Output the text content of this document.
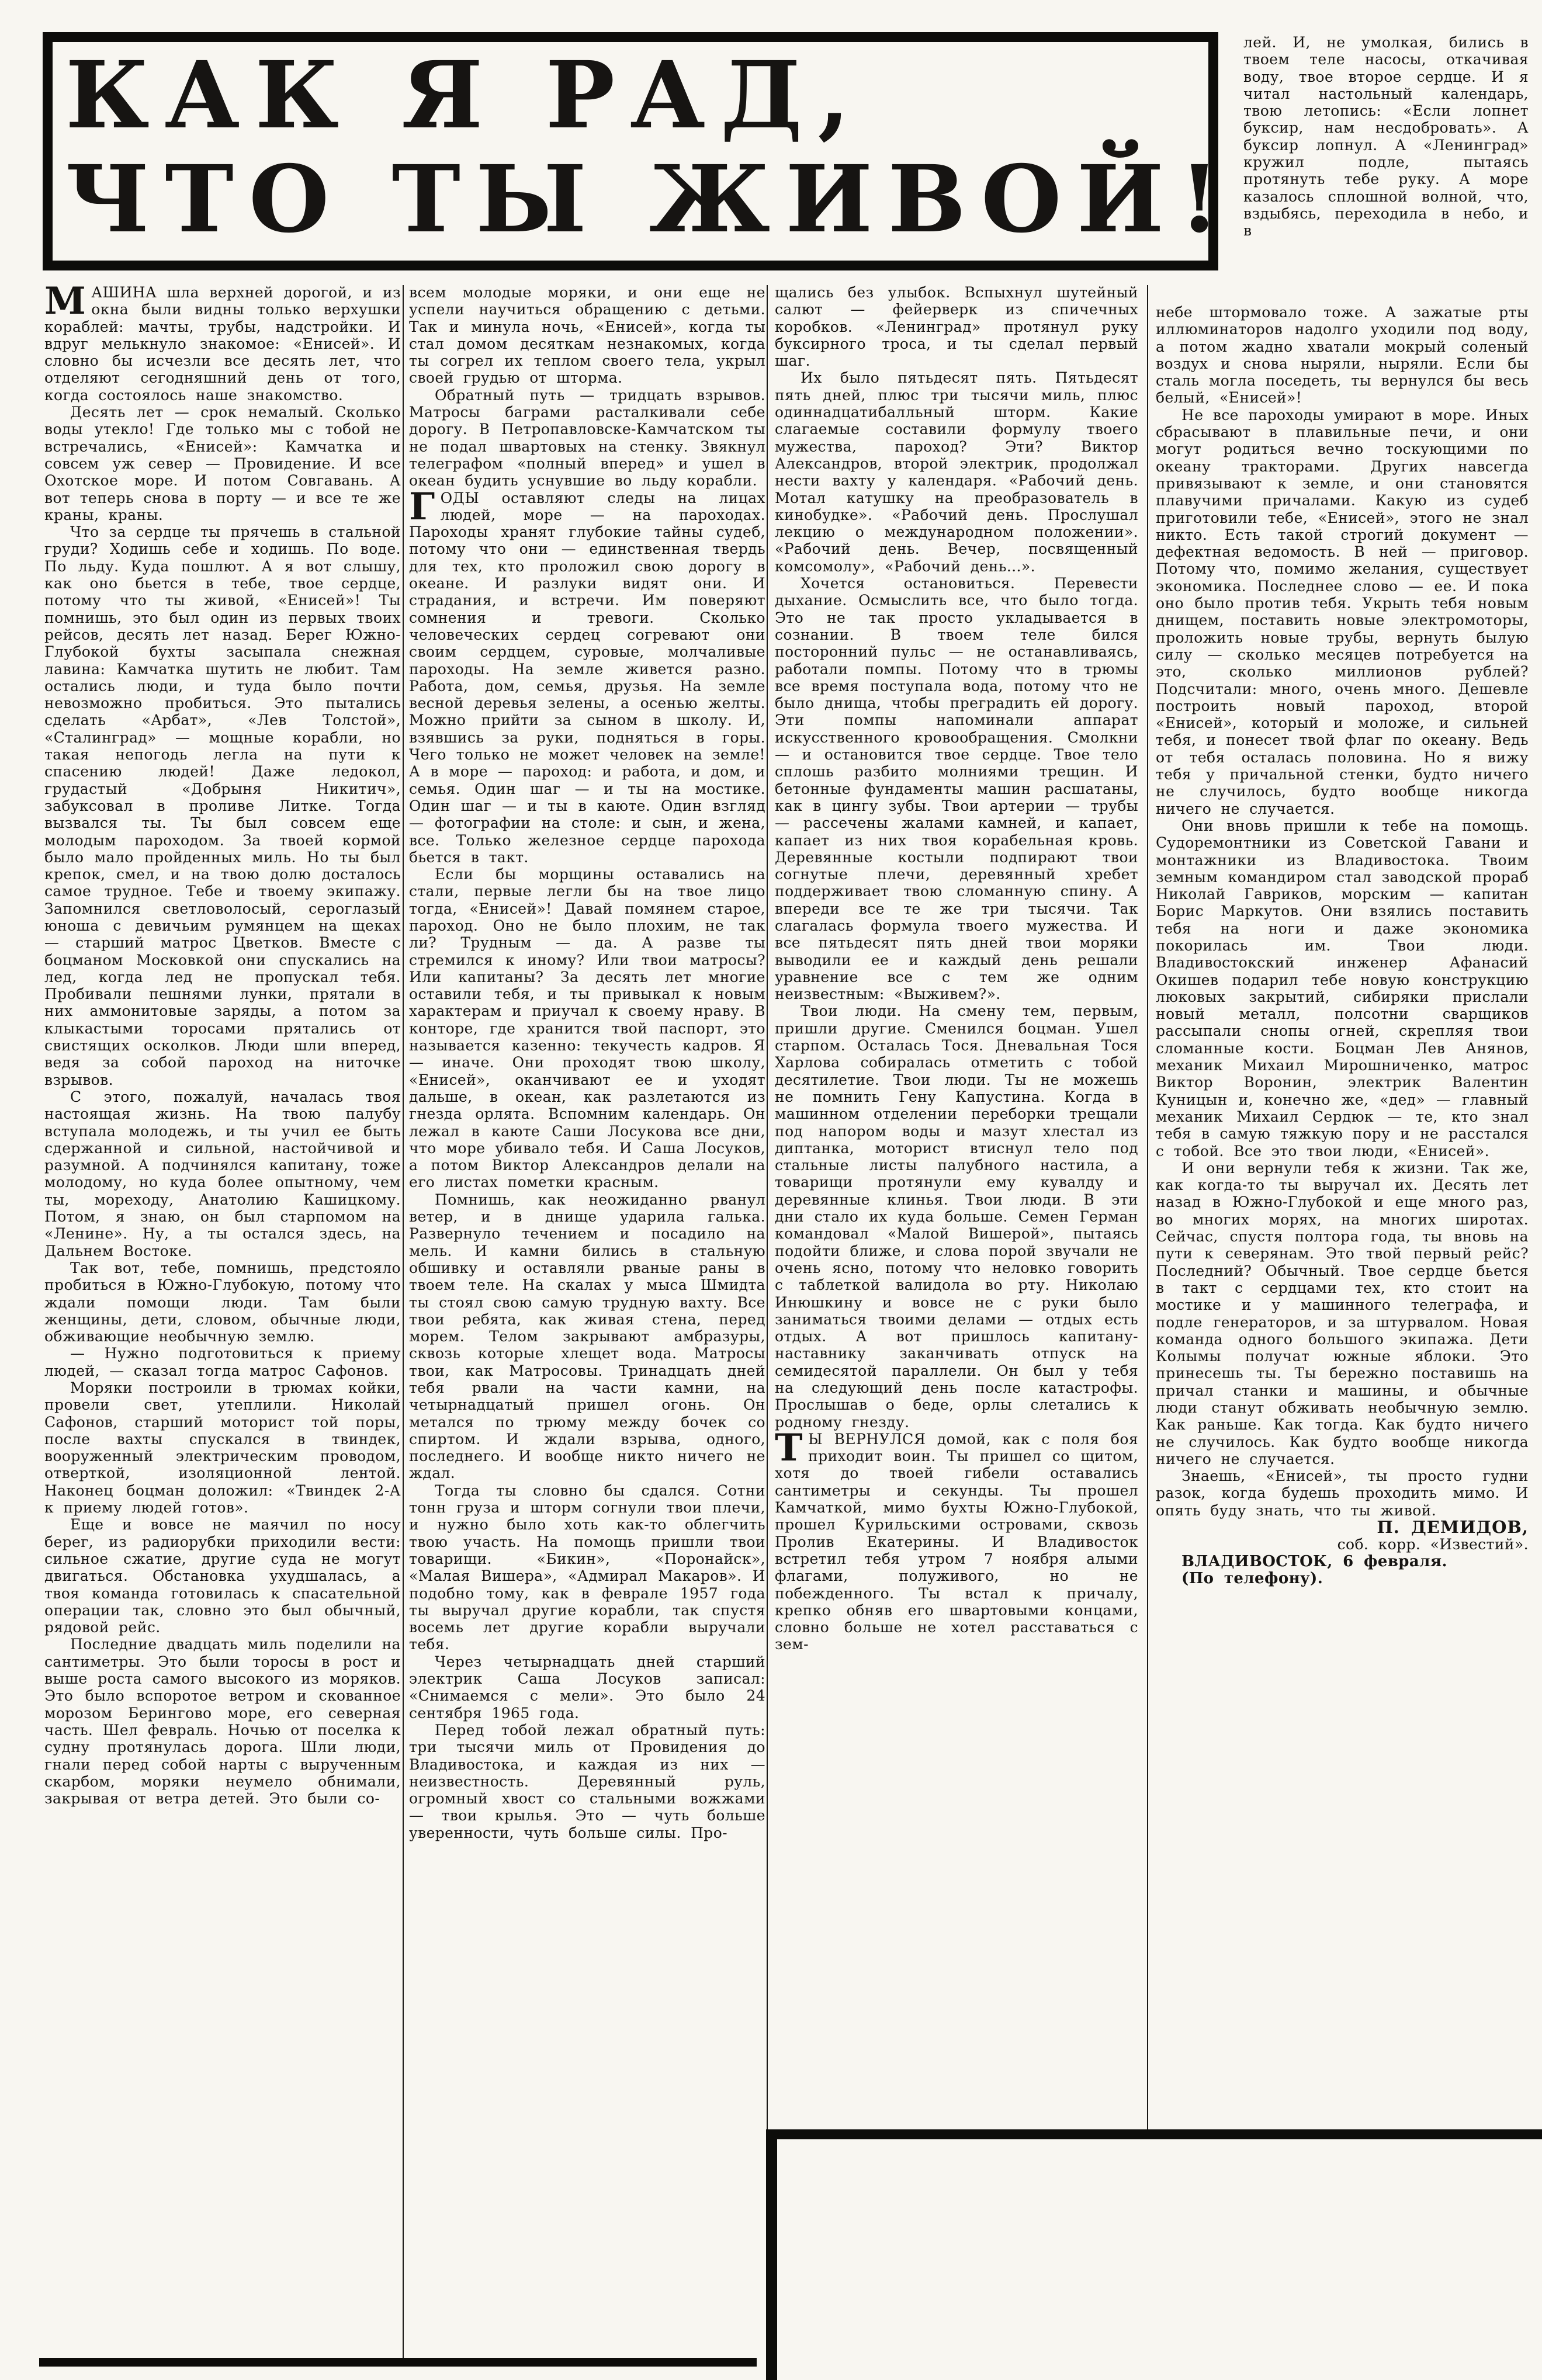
КАК Я РАД,
ЧТО ТЫ ЖИВОЙ!

лей. И, не умолкая, бились в твоем теле насосы, откачивая воду, твое второе сердце. И я читал настольный календарь, твою летопись: «Если лопнет буксир, нам несдобровать». А буксир лопнул. А «Ленинград» кружил подле, пытаясь протянуть тебе руку. А море казалось сплошной волной, что, вздыбясь, переходила в небо, и в

МАШИНА шла верхней дорогой, и из окна были видны только верхушки кораблей: мачты, трубы, надстройки. И вдруг мелькнуло знакомое: «Енисей». И словно бы исчезли все десять лет, что отделяют сегодняшний день от того, когда состоялось наше знакомство.

Десять лет — срок немалый. Сколько воды утекло! Где только мы с тобой не встречались, «Енисей»: Камчатка и совсем уж север — Провидение. И все Охотское море. И потом Совгавань. А вот теперь снова в порту — и все те же краны, краны.

Что за сердце ты прячешь в стальной груди? Ходишь себе и ходишь. По воде. По льду. Куда пошлют. А я вот слышу, как оно бьется в тебе, твое сердце, потому что ты живой, «Енисей»! Ты помнишь, это был один из первых твоих рейсов, десять лет назад. Берег Южно-Глубокой бухты засыпала снежная лавина: Камчатка шутить не любит. Там остались люди, и туда было почти невозможно пробиться. Это пытались сделать «Арбат», «Лев Толстой», «Сталинград» — мощные корабли, но такая непогодь легла на пути к спасению людей! Даже ледокол, грудастый «Добрыня Никитич», забуксовал в проливе Литке. Тогда вызвался ты. Ты был совсем еще молодым пароходом. За твоей кормой было мало пройденных миль. Но ты был крепок, смел, и на твою долю досталось самое трудное. Тебе и твоему экипажу. Запомнился светловолосый, сероглазый юноша с девичьим румянцем на щеках — старший матрос Цветков. Вместе с боцманом Московкой они спускались на лед, когда лед не пропускал тебя. Пробивали пешнями лунки, прятали в них аммонитовые заряды, а потом за клыкастыми торосами прятались от свистящих осколков. Люди шли вперед, ведя за собой пароход на ниточке взрывов.

С этого, пожалуй, началась твоя настоящая жизнь. На твою палубу вступала молодежь, и ты учил ее быть сдержанной и сильной, настойчивой и разумной. А подчинялся капитану, тоже молодому, но куда более опытному, чем ты, мореходу, Анатолию Кашицкому. Потом, я знаю, он был старпомом на «Ленине». Ну, а ты остался здесь, на Дальнем Востоке.

Так вот, тебе, помнишь, предстояло пробиться в Южно-Глубокую, потому что ждали помощи люди. Там были женщины, дети, словом, обычные люди, обживающие необычную землю.

— Нужно подготовиться к приему людей, — сказал тогда матрос Сафонов.

Моряки построили в трюмах койки, провели свет, утеплили. Николай Сафонов, старший моторист той поры, после вахты спускался в твиндек, вооруженный электрическим проводом, отверткой, изоляционной лентой. Наконец боцман доложил: «Твиндек 2-А к приему людей готов».

Еще и вовсе не маячил по носу берег, из радиорубки приходили вести: сильное сжатие, другие суда не могут двигаться. Обстановка ухудшалась, а твоя команда готовилась к спасательной операции так, словно это был обычный, рядовой рейс.

Последние двадцать миль поделили на сантиметры. Это были торосы в рост и выше роста самого высокого из моряков. Это было вспоротое ветром и скованное морозом Берингово море, его северная часть. Шел февраль. Ночью от поселка к судну протянулась дорога. Шли люди, гнали перед собой нарты с вырученным скарбом, моряки неумело обнимали, закрывая от ветра детей. Это были со-

всем молодые моряки, и они еще не успели научиться обращению с детьми. Так и минула ночь, «Енисей», когда ты стал домом десяткам незнакомых, когда ты согрел их теплом своего тела, укрыл своей грудью от шторма.

Обратный путь — тридцать взрывов. Матросы баграми расталкивали себе дорогу. В Петропавловске-Камчатском ты не подал швартовых на стенку. Звякнул телеграфом «полный вперед» и ушел в океан будить уснувшие во льду корабли.

ГОДЫ оставляют следы на лицах людей, море — на пароходах. Пароходы хранят глубокие тайны судеб, потому что они — единственная твердь для тех, кто проложил свою дорогу в океане. И разлуки видят они. И страдания, и встречи. Им поверяют сомнения и тревоги. Сколько человеческих сердец согревают они своим сердцем, суровые, молчаливые пароходы. На земле живется разно. Работа, дом, семья, друзья. На земле весной деревья зелены, а осенью желты. Можно прийти за сыном в школу. И, взявшись за руки, подняться в горы. Чего только не может человек на земле! А в море — пароход: и работа, и дом, и семья. Один шаг — и ты на мостике. Один шаг — и ты в каюте. Один взгляд — фотографии на столе: и сын, и жена, все. Только железное сердце парохода бьется в такт.

Если бы морщины оставались на стали, первые легли бы на твое лицо тогда, «Енисей»! Давай помянем старое, пароход. Оно не было плохим, не так ли? Трудным — да. А разве ты стремился к иному? Или твои матросы? Или капитаны? За десять лет многие оставили тебя, и ты привыкал к новым характерам и приучал к своему нраву. В конторе, где хранится твой паспорт, это называется казенно: текучесть кадров. Я — иначе. Они проходят твою школу, «Енисей», оканчивают ее и уходят дальше, в океан, как разлетаются из гнезда орлята. Вспомним календарь. Он лежал в каюте Саши Лосукова все дни, что море убивало тебя. И Саша Лосуков, а потом Виктор Александров делали на его листах пометки красным.

Помнишь, как неожиданно рванул ветер, и в днище ударила галька. Развернуло течением и посадило на мель. И камни бились в стальную обшивку и оставляли рваные раны в твоем теле. На скалах у мыса Шмидта ты стоял свою самую трудную вахту. Все твои ребята, как живая стена, перед морем. Телом закрывают амбразуры, сквозь которые хлещет вода. Матросы твои, как Матросовы. Тринадцать дней тебя рвали на части камни, на четырнадцатый пришел огонь. Он метался по трюму между бочек со спиртом. И ждали взрыва, одного, последнего. И вообще никто ничего не ждал.

Тогда ты словно бы сдался. Сотни тонн груза и шторм согнули твои плечи, и нужно было хоть как-то облегчить твою участь. На помощь пришли твои товарищи. «Бикин», «Поронайск», «Малая Вишера», «Адмирал Макаров». И подобно тому, как в феврале 1957 года ты выручал другие корабли, так спустя восемь лет другие корабли выручали тебя.

Через четырнадцать дней старший электрик Саша Лосуков записал: «Снимаемся с мели». Это было 24 сентября 1965 года.

Перед тобой лежал обратный путь: три тысячи миль от Провидения до Владивостока, и каждая из них — неизвестность. Деревянный руль, огромный хвост со стальными вожжами — твои крылья. Это — чуть больше уверенности, чуть больше силы. Про-

щались без улыбок. Вспыхнул шутейный салют — фейерверк из спичечных коробков. «Ленинград» протянул руку буксирного троса, и ты сделал первый шаг.

Их было пятьдесят пять. Пятьдесят пять дней, плюс три тысячи миль, плюс одиннадцатибалльный шторм. Какие слагаемые составили формулу твоего мужества, пароход? Эти? Виктор Александров, второй электрик, продолжал нести вахту у календаря. «Рабочий день. Мотал катушку на преобразователь в кинобудке». «Рабочий день. Прослушал лекцию о международном положении». «Рабочий день. Вечер, посвященный комсомолу», «Рабочий день...».

Хочется остановиться. Перевести дыхание. Осмыслить все, что было тогда. Это не так просто укладывается в сознании. В твоем теле бился посторонний пульс — не останавливаясь, работали помпы. Потому что в трюмы все время поступала вода, потому что не было днища, чтобы преградить ей дорогу. Эти помпы напоминали аппарат искусственного кровообращения. Смолкни — и остановится твое сердце. Твое тело сплошь разбито молниями трещин. И бетонные фундаменты машин расшатаны, как в цингу зубы. Твои артерии — трубы — рассечены жалами камней, и капает, капает из них твоя корабельная кровь. Деревянные костыли подпирают твои согнутые плечи, деревянный хребет поддерживает твою сломанную спину. А впереди все те же три тысячи. Так слагалась формула твоего мужества. И все пятьдесят пять дней твои моряки выводили ее и каждый день решали уравнение все с тем же одним неизвестным: «Выживем?».

Твои люди. На смену тем, первым, пришли другие. Сменился боцман. Ушел старпом. Осталась Тося. Дневальная Тося Харлова собиралась отметить с тобой десятилетие. Твои люди. Ты не можешь не помнить Гену Капустина. Когда в машинном отделении переборки трещали под напором воды и мазут хлестал из диптанка, моторист втиснул тело под стальные листы палубного настила, а товарищи протянули ему кувалду и деревянные клинья. Твои люди. В эти дни стало их куда больше. Семен Герман командовал «Малой Вишерой», пытаясь подойти ближе, и слова порой звучали не очень ясно, потому что неловко говорить с таблеткой валидола во рту. Николаю Инюшкину и вовсе не с руки было заниматься твоими делами — отдых есть отдых. А вот пришлось капитану-наставнику заканчивать отпуск на семидесятой параллели. Он был у тебя на следующий день после катастрофы. Прослышав о беде, орлы слетались к родному гнезду.

Т Ы ВЕРНУЛСЯ домой, как с поля боя приходит воин. Ты пришел со щитом, хотя до твоей гибели оставались сантиметры и секунды. Ты прошел Камчаткой, мимо бухты Южно-Глубокой, прошел Курильскими островами, сквозь Пролив Екатерины. И Владивосток встретил тебя утром 7 ноября алыми флагами, полуживого, но не побежденного. Ты встал к причалу, крепко обняв его швартовыми концами, словно больше не хотел расставаться с зем-

небе штормовало тоже. А зажатые рты иллюминаторов надолго уходили под воду, а потом жадно хватали мокрый соленый воздух и снова ныряли, ныряли. Если бы сталь могла поседеть, ты вернулся бы весь белый, «Енисей»!

Не все пароходы умирают в море. Иных сбрасывают в плавильные печи, и они могут родиться вечно тоскующими по океану тракторами. Других навсегда привязывают к земле, и они становятся плавучими причалами. Какую из судеб приготовили тебе, «Енисей», этого не знал никто. Есть такой строгий документ — дефектная ведомость. В ней — приговор. Потому что, помимо желания, существует экономика. Последнее слово — ее. И пока оно было против тебя. Укрыть тебя новым днищем, поставить новые электромоторы, проложить новые трубы, вернуть былую силу — сколько месяцев потребуется на это, сколько миллионов рублей? Подсчитали: много, очень много. Дешевле построить новый пароход, второй «Енисей», который и моложе, и сильней тебя, и понесет твой флаг по океану. Ведь от тебя осталась половина. Но я вижу тебя у причальной стенки, будто ничего не случилось, будто вообще никогда ничего не случается.

Они вновь пришли к тебе на помощь. Судоремонтники из Советской Гавани и монтажники из Владивостока. Твоим земным командиром стал заводской прораб Николай Гавриков, морским — капитан Борис Маркутов. Они взялись поставить тебя на ноги и даже экономика покорилась им. Твои люди. Владивостокский инженер Афанасий Окишев подарил тебе новую конструкцию люковых закрытий, сибиряки прислали новый металл, полсотни сварщиков рассыпали снопы огней, скрепляя твои сломанные кости. Боцман Лев Анянов, механик Михаил Мирошниченко, матрос Виктор Воронин, электрик Валентин Куницын и, конечно же, «дед» — главный механик Михаил Сердюк — те, кто знал тебя в самую тяжкую пору и не расстался с тобой. Все это твои люди, «Енисей».

И они вернули тебя к жизни. Так же, как когда-то ты выручал их. Десять лет назад в Южно-Глубокой и еще много раз, во многих морях, на многих широтах. Сейчас, спустя полтора года, ты вновь на пути к северянам. Это твой первый рейс? Последний? Обычный. Твое сердце бьется в такт с сердцами тех, кто стоит на мостике и у машинного телеграфа, и подле генераторов, и за штурвалом. Новая команда одного большого экипажа. Дети Колымы получат южные яблоки. Это принесешь ты. Ты бережно поставишь на причал станки и машины, и обычные люди станут обживать необычную землю. Как раньше. Как тогда. Как будто ничего не случилось. Как будто вообще никогда ничего не случается.

Знаешь, «Енисей», ты просто гудни разок, когда будешь проходить мимо. И опять буду знать, что ты живой.

П. ДЕМИДОВ,

соб. корр. «Известий».

ВЛАДИВОСТОК, 6 февраля.

(По телефону).
